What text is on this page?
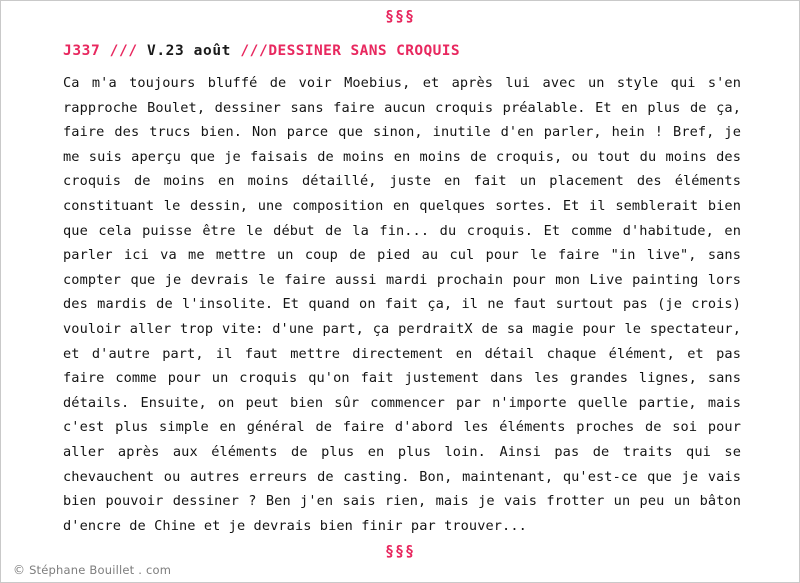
§§§
J337 /// V.23 août ///DESSINER SANS CROQUIS

Ca m'a toujours bluffé de voir Moebius, et après lui avec un style qui s'en rapproche Boulet, dessiner sans faire aucun croquis préalable. Et en plus de ça, faire des trucs bien. Non parce que sinon, inutile d'en parler, hein ! Bref, je me suis aperçu que je faisais de moins en moins de croquis, ou tout du moins des croquis de moins en moins détaillé, juste en fait un placement des éléments constituant le dessin, une composition en quelques sortes. Et il semblerait bien que cela puisse être le début de la fin... du croquis. Et comme d'habitude, en parler ici va me mettre un coup de pied au cul pour le faire "in live", sans compter que je devrais le faire aussi mardi prochain pour mon Live painting lors des mardis de l'insolite. Et quand on fait ça, il ne faut surtout pas (je crois) vouloir aller trop vite: d'une part, ça perdraitX de sa magie pour le spectateur, et d'autre part, il faut mettre directement en détail chaque élément, et pas faire comme pour un croquis qu'on fait justement dans les grandes lignes, sans détails. Ensuite, on peut bien sûr commencer par n'importe quelle partie, mais c'est plus simple en général de faire d'abord les éléments proches de soi pour aller après aux éléments de plus en plus loin. Ainsi pas de traits qui se chevauchent ou autres erreurs de casting. Bon, maintenant, qu'est-ce que je vais bien pouvoir dessiner ? Ben j'en sais rien, mais je vais frotter un peu un bâton d'encre de Chine et je devrais bien finir par trouver...

§§§
© Stéphane Bouillet . com
